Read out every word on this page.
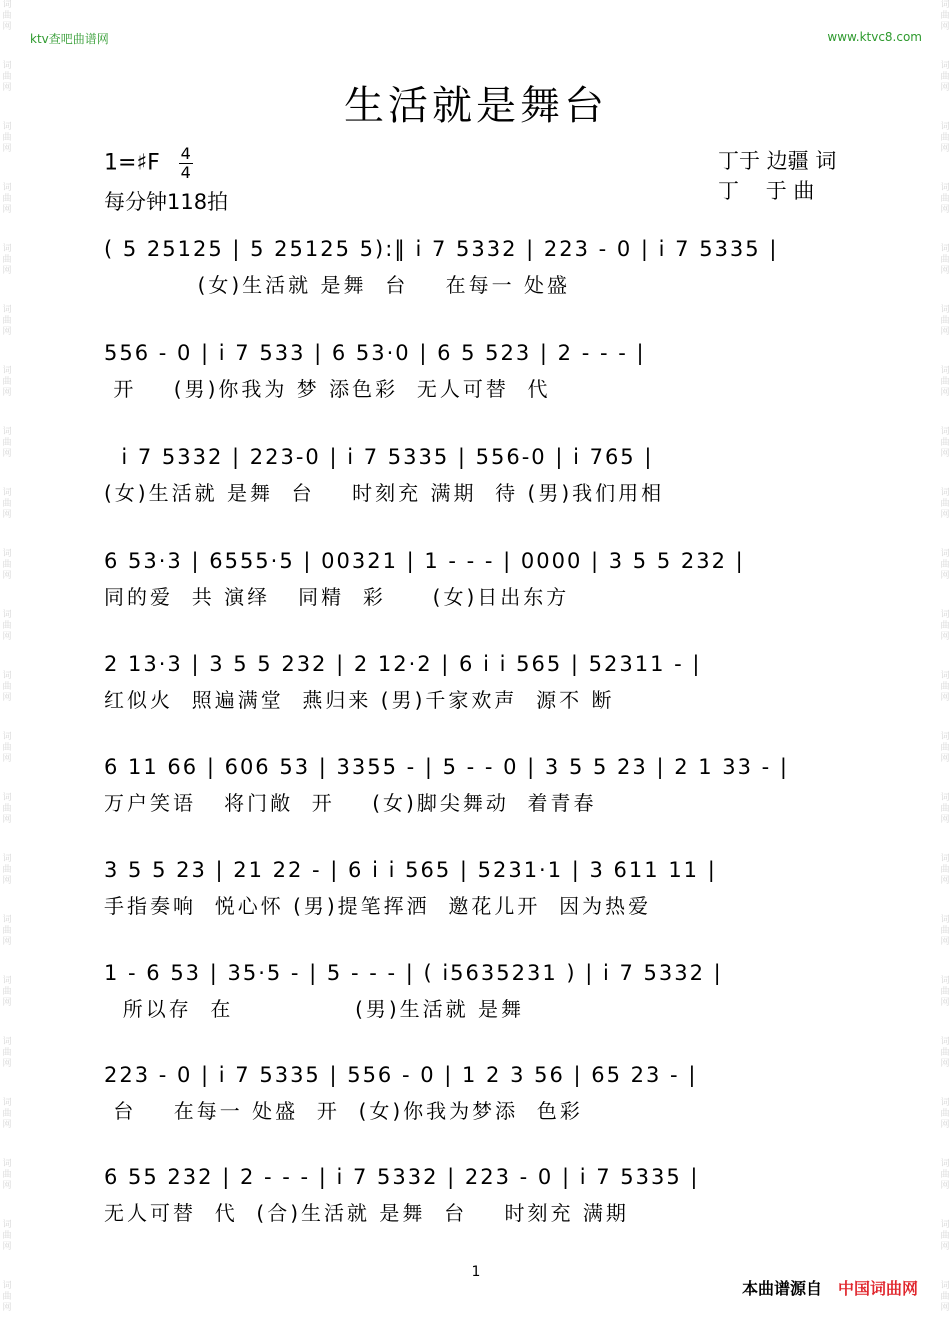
词
曲
网
词
曲
网
词
曲
网
词
曲
网
词
曲
网
词
曲
网
词
曲
网
词
曲
网
词
曲
网
词
曲
网
词
曲
网
词
曲
网
词
曲
网
词
曲
网
词
曲
网
词
曲
网
词
曲
网
词
曲
网
词
曲
网
词
曲
网
词
曲
网
词
曲
网
词
曲
网
词
曲
网
词
曲
网
词
曲
网
词
曲
网
词
曲
网
词
曲
网
词
曲
网
词
曲
网
词
曲
网
词
曲
网
词
曲
网
词
曲
网
词
曲
网
词
曲
网
词
曲
网
词
曲
网
词
曲
网
词
曲
网
词
曲
网
词
曲
网
词
曲
网
ktv查吧曲谱网	www.ktvc8.com
生活就是舞台
1=♯F $\frac{4}{4}$
每分钟118拍
丁于 边疆 词
丁    于 曲
( 5 25125 | 5 25125 5):‖ i 7 5332 | 223 - 0 | i 7 5335 |
(女)生活就 是舞  台    在每一 处盛
556 - 0 | i 7 533 | 6 53·0 | 6 5 523 | 2 - - - |
开    (男)你我为 梦 添色彩  无人可替  代
i 7 5332 | 223-0 | i 7 5335 | 556-0 | i 765 |
(女)生活就 是舞  台    时刻充 满期  待 (男)我们用相
6 53·3 | 6555·5 | 00321 | 1 - - - | 0000 | 3 5 5 232 |
同的爱  共 演绎   同精  彩     (女)日出东方
2 13·3 | 3 5 5 232 | 2 12·2 | 6 i i 565 | 52311 - |
红似火  照遍满堂  燕归来 (男)千家欢声  源不 断
6 11 66 | 606 53 | 3355 - | 5 - - 0 | 3 5 5 23 | 2 1 33 - |
万户笑语   将门敞  开    (女)脚尖舞动  着青春
3 5 5 23 | 21 22 - | 6 i i 565 | 5231·1 | 3 611 11 |
手指奏响  悦心怀 (男)提笔挥洒  邀花儿开  因为热爱
1 - 6 53 | 35·5 - | 5 - - - | ( i5635231 ) | i 7 5332 |
所以存  在             (男)生活就 是舞
223 - 0 | i 7 5335 | 556 - 0 | 1 2 3 56 | 65 23 - |
台    在每一 处盛  开  (女)你我为梦添  色彩
6 55 232 | 2 - - - | i 7 5332 | 223 - 0 | i 7 5335 |
无人可替  代  (合)生活就 是舞  台    时刻充 满期
1
本曲谱源自 中国词曲网
